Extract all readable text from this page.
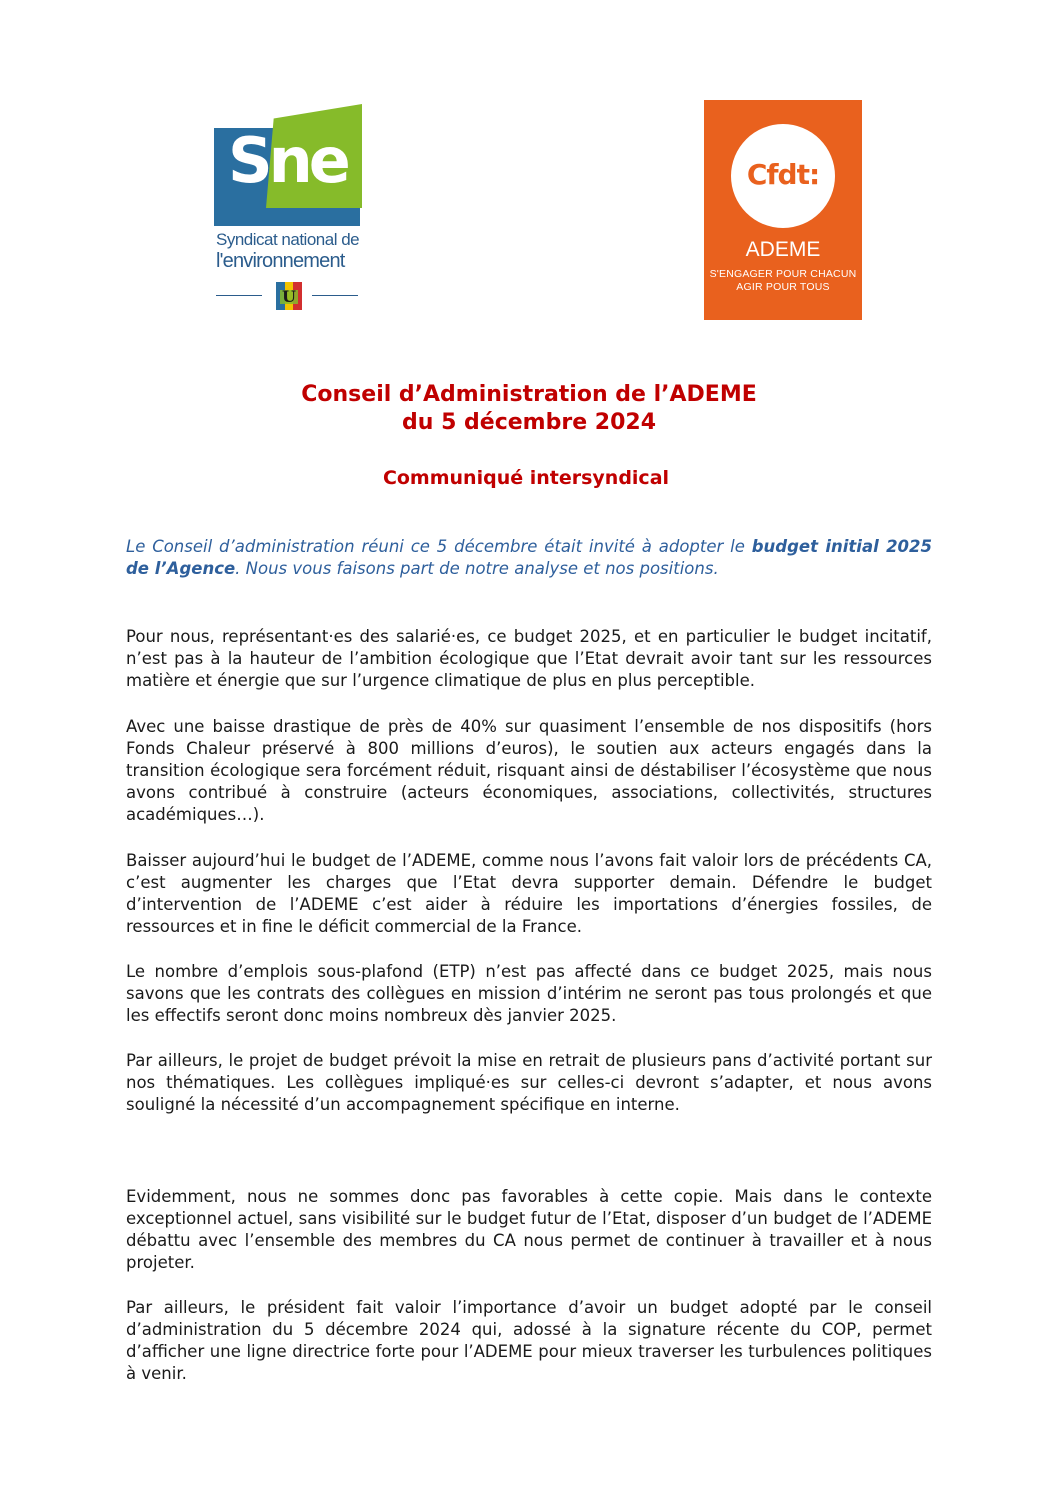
Sne
Syndicat national de
l'environnement
U
Cfdt:
ADEME
S'ENGAGER POUR CHACUN
AGIR POUR TOUS
Conseil d’Administration de l’ADEME
du 5 décembre 2024
Communiqué intersyndical
Le Conseil d’administration réuni ce 5 décembre était invité à adopter le budget initial 2025 de l’Agence. Nous vous faisons part de notre analyse et nos positions.
Pour nous, représentant·es des salarié·es, ce budget 2025, et en particulier le budget incitatif, n’est pas à la hauteur de l’ambition écologique que l’Etat devrait avoir tant sur les ressources matière et énergie que sur l’urgence climatique de plus en plus perceptible.
Avec une baisse drastique de près de 40% sur quasiment l’ensemble de nos dispositifs (hors Fonds Chaleur préservé à 800 millions d’euros), le soutien aux acteurs engagés dans la transition écologique sera forcément réduit, risquant ainsi de déstabiliser l’écosystème que nous avons contribué à construire (acteurs économiques, associations, collectivités, structures académiques…).
Baisser aujourd’hui le budget de l’ADEME, comme nous l’avons fait valoir lors de précédents CA, c’est augmenter les charges que l’Etat devra supporter demain. Défendre le budget d’intervention de l’ADEME c’est aider à réduire les importations d’énergies fossiles, de ressources et in fine le déficit commercial de la France.
Le nombre d’emplois sous-plafond (ETP) n’est pas affecté dans ce budget 2025, mais nous savons que les contrats des collègues en mission d’intérim ne seront pas tous prolongés et que les effectifs seront donc moins nombreux dès janvier 2025.
Par ailleurs, le projet de budget prévoit la mise en retrait de plusieurs pans d’activité portant sur nos thématiques. Les collègues impliqué·es sur celles-ci devront s’adapter, et nous avons souligné la nécessité d’un accompagnement spécifique en interne.
Evidemment, nous ne sommes donc pas favorables à cette copie. Mais dans le contexte exceptionnel actuel, sans visibilité sur le budget futur de l’Etat, disposer d’un budget de l’ADEME débattu avec l’ensemble des membres du CA nous permet de continuer à travailler et à nous projeter.
Par ailleurs, le président fait valoir l’importance d’avoir un budget adopté par le conseil d’administration du 5 décembre 2024 qui, adossé à la signature récente du COP, permet d’afficher une ligne directrice forte pour l’ADEME pour mieux traverser les turbulences politiques à venir.
